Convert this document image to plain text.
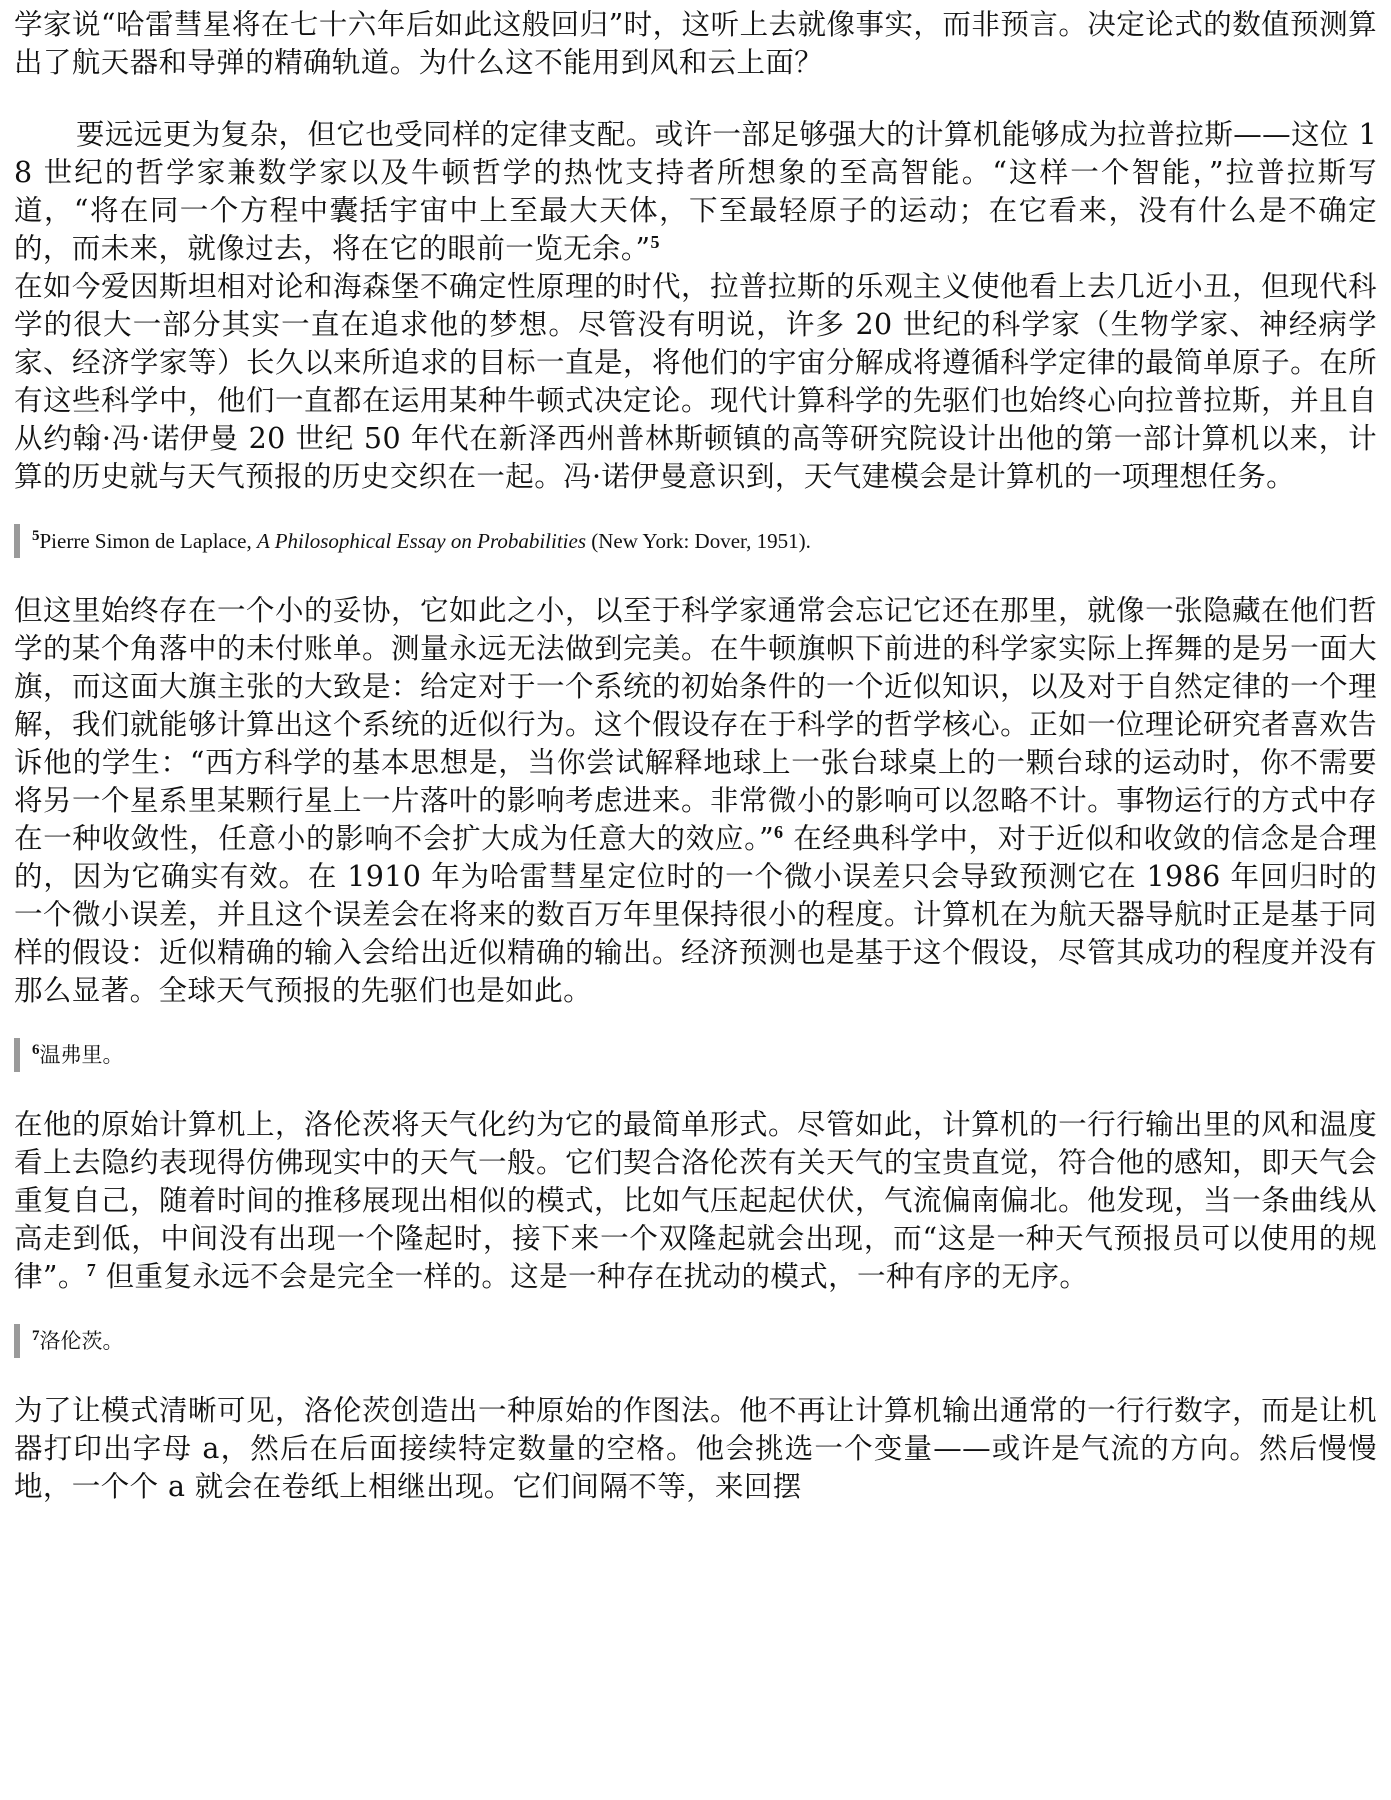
学家说“哈雷彗星将在七十六年后如此这般回归”时，这听上去就像事实，而非预言。决定论式的数值预测算出了航天器和导弹的精确轨道。为什么这不能用到风和云上面？

要远远更为复杂，但它也受同样的定律支配。或许一部足够强大的计算机能够成为拉普拉斯——这位 18 世纪的哲学家兼数学家以及牛顿哲学的热忱支持者所想象的至高智能。“这样一个智能，”拉普拉斯写道，“将在同一个方程中囊括宇宙中上至最大天体，下至最轻原子的运动；在它看来，没有什么是不确定的，而未来，就像过去，将在它的眼前一览无余。”$^5$
在如今爱因斯坦相对论和海森堡不确定性原理的时代，拉普拉斯的乐观主义使他看上去几近小丑，但现代科学的很大一部分其实一直在追求他的梦想。尽管没有明说，许多 20 世纪的科学家（生物学家、神经病学家、经济学家等）长久以来所追求的目标一直是，将他们的宇宙分解成将遵循科学定律的最简单原子。在所有这些科学中，他们一直都在运用某种牛顿式决定论。现代计算科学的先驱们也始终心向拉普拉斯，并且自从约翰·冯·诺伊曼 20 世纪 50 年代在新泽西州普林斯顿镇的高等研究院设计出他的第一部计算机以来，计算的历史就与天气预报的历史交织在一起。冯·诺伊曼意识到，天气建模会是计算机的一项理想任务。

$^5$Pierre Simon de Laplace, A Philosophical Essay on Probabilities (New York: Dover, 1951).

但这里始终存在一个小的妥协，它如此之小，以至于科学家通常会忘记它还在那里，就像一张隐藏在他们哲学的某个角落中的未付账单。测量永远无法做到完美。在牛顿旗帜下前进的科学家实际上挥舞的是另一面大旗，而这面大旗主张的大致是：给定对于一个系统的初始条件的一个近似知识，以及对于自然定律的一个理解，我们就能够计算出这个系统的近似行为。这个假设存在于科学的哲学核心。正如一位理论研究者喜欢告诉他的学生：“西方科学的基本思想是，当你尝试解释地球上一张台球桌上的一颗台球的运动时，你不需要将另一个星系里某颗行星上一片落叶的影响考虑进来。非常微小的影响可以忽略不计。事物运行的方式中存在一种收敛性，任意小的影响不会扩大成为任意大的效应。”$^6$ 在经典科学中，对于近似和收敛的信念是合理的，因为它确实有效。在 1910 年为哈雷彗星定位时的一个微小误差只会导致预测它在 1986 年回归时的一个微小误差，并且这个误差会在将来的数百万年里保持很小的程度。计算机在为航天器导航时正是基于同样的假设：近似精确的输入会给出近似精确的输出。经济预测也是基于这个假设，尽管其成功的程度并没有那么显著。全球天气预报的先驱们也是如此。

$^6$温弗里。

在他的原始计算机上，洛伦茨将天气化约为它的最简单形式。尽管如此，计算机的一行行输出里的风和温度看上去隐约表现得仿佛现实中的天气一般。它们契合洛伦茨有关天气的宝贵直觉，符合他的感知，即天气会重复自己，随着时间的推移展现出相似的模式，比如气压起起伏伏，气流偏南偏北。他发现，当一条曲线从高走到低，中间没有出现一个隆起时，接下来一个双隆起就会出现，而“这是一种天气预报员可以使用的规律”。$^7$ 但重复永远不会是完全一样的。这是一种存在扰动的模式，一种有序的无序。

$^7$洛伦茨。

为了让模式清晰可见，洛伦茨创造出一种原始的作图法。他不再让计算机输出通常的一行行数字，而是让机器打印出字母 a，然后在后面接续特定数量的空格。他会挑选一个变量——或许是气流的方向。然后慢慢地，一个个 a 就会在卷纸上相继出现。它们间隔不等，来回摆
